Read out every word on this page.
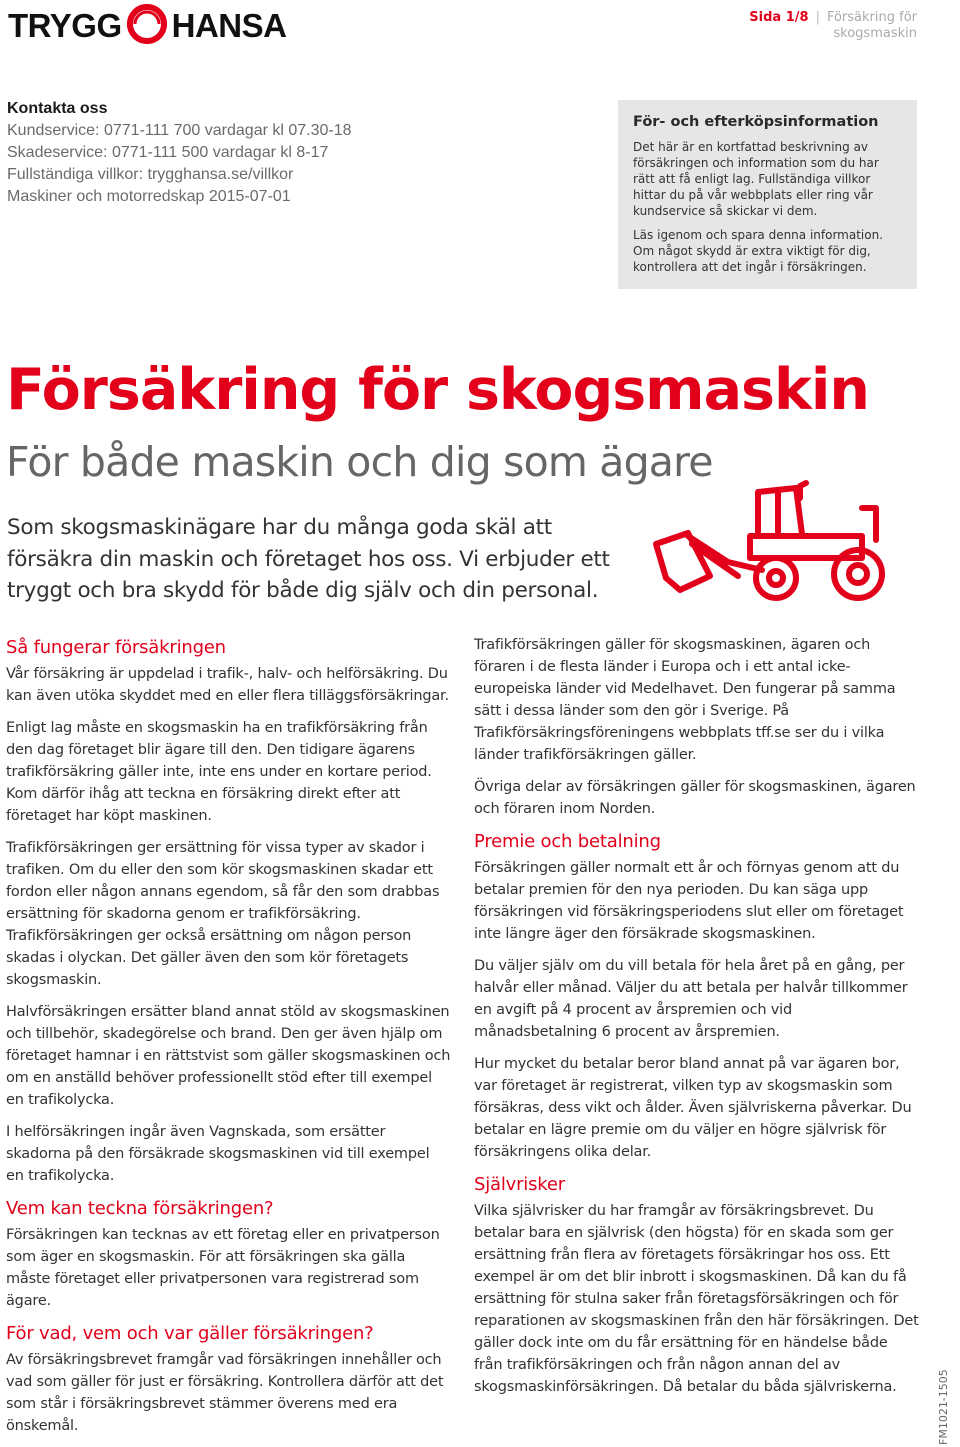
TRYGG HANSA	Sida 1/8 | Försäkring för skogsmaskin
Kontakta oss
Kundservice: 0771-111 700 vardagar kl 07.30-18
Skadeservice: 0771-111 500 vardagar kl 8-17
Fullständiga villkor: trygghansa.se/villkor
Maskiner och motorredskap 2015-07-01
För- och efterköpsinformation

Det här är en kortfattad beskrivning av försäkringen och information som du har rätt att få enligt lag. Fullständiga villkor hittar du på vår webbplats eller ring vår kundservice så skickar vi dem.

Läs igenom och spara denna information. Om något skydd är extra viktigt för dig, kontrollera att det ingår i försäkringen.

Försäkring för skogsmaskin
För både maskin och dig som ägare
Som skogsmaskinägare har du många goda skäl att försäkra din maskin och företaget hos oss. Vi erbjuder ett tryggt och bra skydd för både dig själv och din personal.
Så fungerar försäkringen

Vår försäkring är uppdelad i trafik-, halv- och helförsäkring. Du kan även utöka skyddet med en eller flera tilläggsförsäkringar.

Enligt lag måste en skogsmaskin ha en trafikförsäkring från den dag företaget blir ägare till den. Den tidigare ägarens trafikförsäkring gäller inte, inte ens under en kortare period. Kom därför ihåg att teckna en försäkring direkt efter att företaget har köpt maskinen.

Trafikförsäkringen ger ersättning för vissa typer av skador i trafiken. Om du eller den som kör skogsmaskinen skadar ett fordon eller någon annans egendom, så får den som drabbas ersättning för skadorna genom er trafikförsäkring. Trafikförsäkringen ger också ersättning om någon person skadas i olyckan. Det gäller även den som kör företagets skogsmaskin.

Halvförsäkringen ersätter bland annat stöld av skogsmaskinen och tillbehör, skadegörelse och brand. Den ger även hjälp om företaget hamnar i en rättstvist som gäller skogsmaskinen och om en anställd behöver professionellt stöd efter till exempel en trafikolycka.

I helförsäkringen ingår även Vagnskada, som ersätter skadorna på den försäkrade skogsmaskinen vid till exempel en trafikolycka.

Vem kan teckna försäkringen?

Försäkringen kan tecknas av ett företag eller en privatperson som äger en skogsmaskin. För att försäkringen ska gälla måste företaget eller privatpersonen vara registrerad som ägare.

För vad, vem och var gäller försäkringen?

Av försäkringsbrevet framgår vad försäkringen innehåller och vad som gäller för just er försäkring. Kontrollera därför att det som står i försäkringsbrevet stämmer överens med era önskemål.

Trafikförsäkringen gäller för skogsmaskinen, ägaren och föraren i de flesta länder i Europa och i ett antal icke-europeiska länder vid Medelhavet. Den fungerar på samma sätt i dessa länder som den gör i Sverige. På Trafikförsäkringsföreningens webbplats tff.se ser du i vilka länder trafikförsäkringen gäller.

Övriga delar av försäkringen gäller för skogsmaskinen, ägaren och föraren inom Norden.

Premie och betalning

Försäkringen gäller normalt ett år och förnyas genom att du betalar premien för den nya perioden. Du kan säga upp försäkringen vid försäkringsperiodens slut eller om företaget inte längre äger den försäkrade skogsmaskinen.

Du väljer själv om du vill betala för hela året på en gång, per halvår eller månad. Väljer du att betala per halvår tillkommer en avgift på 4 procent av årspremien och vid månadsbetalning 6 procent av årspremien.

Hur mycket du betalar beror bland annat på var ägaren bor, var företaget är registrerat, vilken typ av skogsmaskin som försäkras, dess vikt och ålder. Även självriskerna påverkar. Du betalar en lägre premie om du väljer en högre självrisk för försäkringens olika delar.

Självrisker

Vilka självrisker du har framgår av försäkringsbrevet. Du betalar bara en självrisk (den högsta) för en skada som ger ersättning från flera av företagets försäkringar hos oss. Ett exempel är om det blir inbrott i skogsmaskinen. Då kan du få ersättning för stulna saker från företagsförsäkringen och för reparationen av skogsmaskinen från den här försäkringen. Det gäller dock inte om du får ersättning för en händelse både från trafikförsäkringen och från någon annan del av skogsmaskinförsäkringen. Då betalar du båda självriskerna.	FM1021-1505
